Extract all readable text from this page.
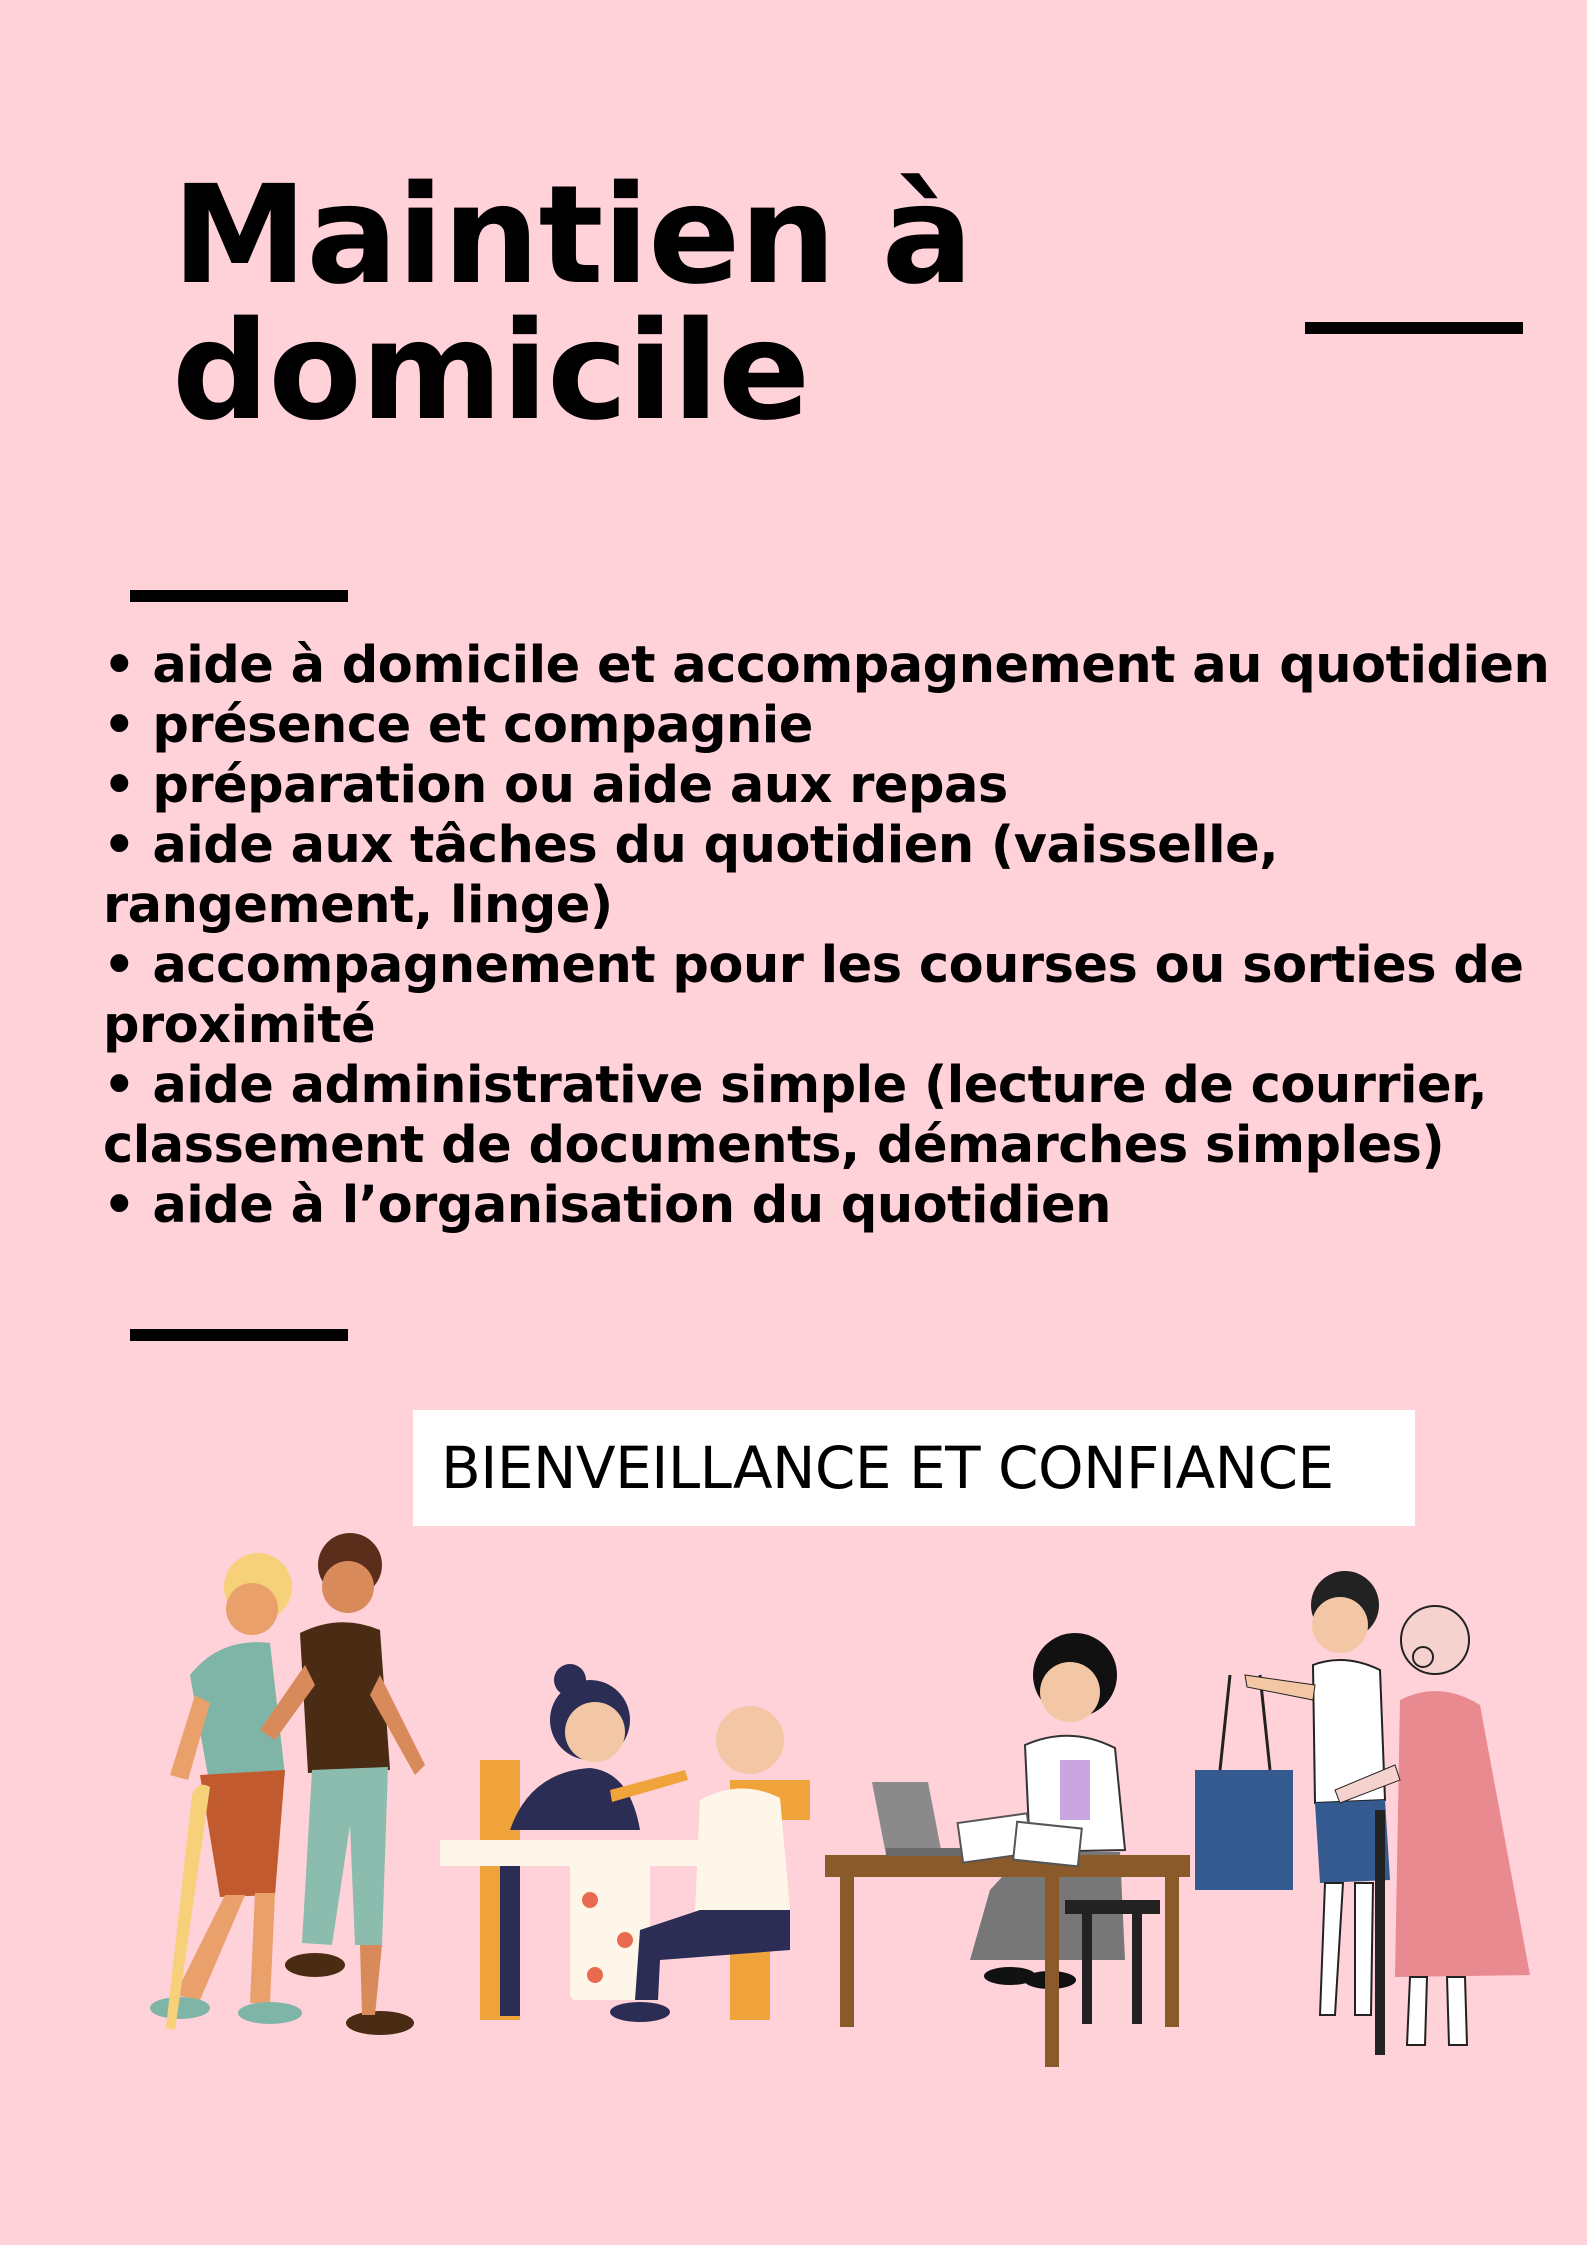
Maintien à
domicile
• aide à domicile et accompagnement au quotidien
• présence et compagnie
• préparation ou aide aux repas
• aide aux tâches du quotidien (vaisselle, rangement, linge)
• accompagnement pour les courses ou sorties de proximité
• aide administrative simple (lecture de courrier, classement de documents, démarches simples)
• aide à l’organisation du quotidien
BIENVEILLANCE ET CONFIANCE
